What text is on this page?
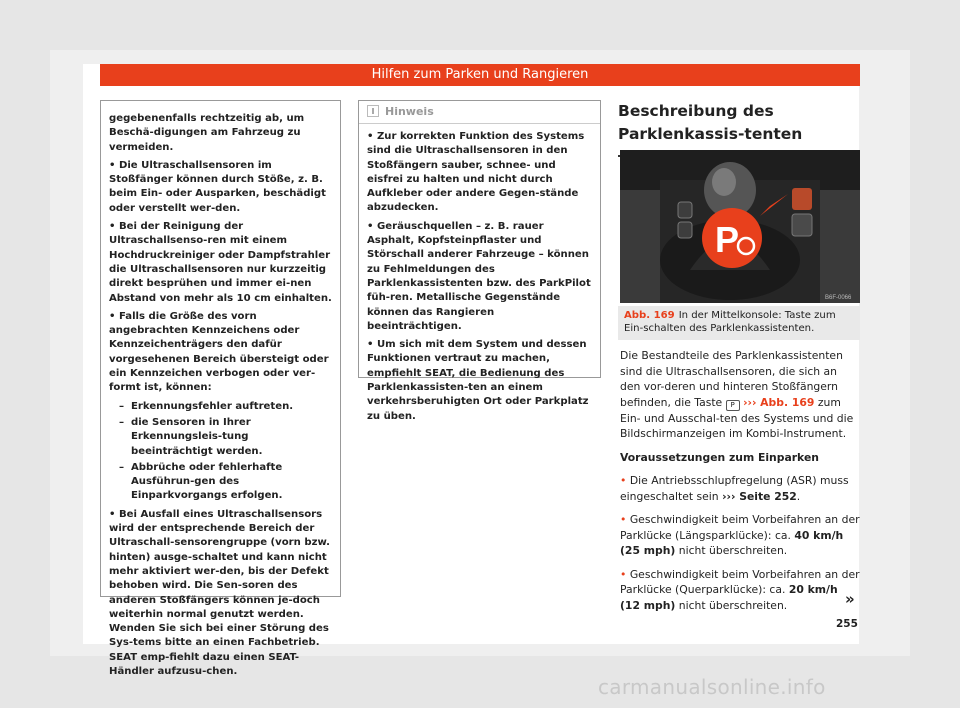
Hilfen zum Parken und Rangieren

gegebenenfalls rechtzeitig ab, um Beschä-digungen am Fahrzeug zu vermeiden.

• Die Ultraschallsensoren im Stoßfänger können durch Stöße, z. B. beim Ein- oder Ausparken, beschädigt oder verstellt wer-den.

• Bei der Reinigung der Ultraschallsenso-ren mit einem Hochdruckreiniger oder Dampfstrahler die Ultraschallsensoren nur kurzzeitig direkt besprühen und immer ei-nen Abstand von mehr als 10 cm einhalten.

• Falls die Größe des vorn angebrachten Kennzeichens oder Kennzeichenträgers den dafür vorgesehenen Bereich übersteigt oder ein Kennzeichen verbogen oder ver-formt ist, können:

– Erkennungsfehler auftreten.
– die Sensoren in Ihrer Erkennungsleis-tung beeinträchtigt werden.
– Abbrüche oder fehlerhafte Ausführun-gen des Einparkvorgangs erfolgen.

• Bei Ausfall eines Ultraschallsensors wird der entsprechende Bereich der Ultraschall-sensorengruppe (vorn bzw. hinten) ausge-schaltet und kann nicht mehr aktiviert wer-den, bis der Defekt behoben wird. Die Sen-soren des anderen Stoßfängers können je-doch weiterhin normal genutzt werden. Wenden Sie sich bei einer Störung des Sys-tems bitte an einen Fachbetrieb. SEAT emp-fiehlt dazu einen SEAT-Händler aufzusu-chen.

Hinweis

• Zur korrekten Funktion des Systems sind die Ultraschallsensoren in den Stoßfängern sauber, schnee- und eisfrei zu halten und nicht durch Aufkleber oder andere Gegen-stände abzudecken.

• Geräuschquellen – z. B. rauer Asphalt, Kopfsteinpflaster und Störschall anderer Fahrzeuge – können zu Fehlmeldungen des Parklenkassistenten bzw. des ParkPilot füh-ren. Metallische Gegenstände können das Rangieren beeinträchtigen.

• Um sich mit dem System und dessen Funktionen vertraut zu machen, empfiehlt SEAT, die Bedienung des Parklenkassisten-ten an einem verkehrsberuhigten Ort oder Parkplatz zu üben.

Beschreibung des Parklenkassis-tenten
P
B6F-0066
Abb. 169 In der Mittelkonsole: Taste zum Ein-schalten des Parklenkassistenten.

Die Bestandteile des Parklenkassistenten sind die Ultraschallsensoren, die sich an den vor-deren und hinteren Stoßfängern befinden, die Taste P ››› Abb. 169 zum Ein- und Ausschal-ten des Systems und die Bildschirmanzeigen im Kombi-Instrument.

Voraussetzungen zum Einparken

• Die Antriebsschlupfregelung (ASR) muss eingeschaltet sein ››› Seite 252.

• Geschwindigkeit beim Vorbeifahren an der Parklücke (Längsparklücke): ca. 40 km/h (25 mph) nicht überschreiten.

• Geschwindigkeit beim Vorbeifahren an der Parklücke (Querparklücke): ca. 20 km/h (12 mph) nicht überschreiten.	»
255
carmanualsonline.info
